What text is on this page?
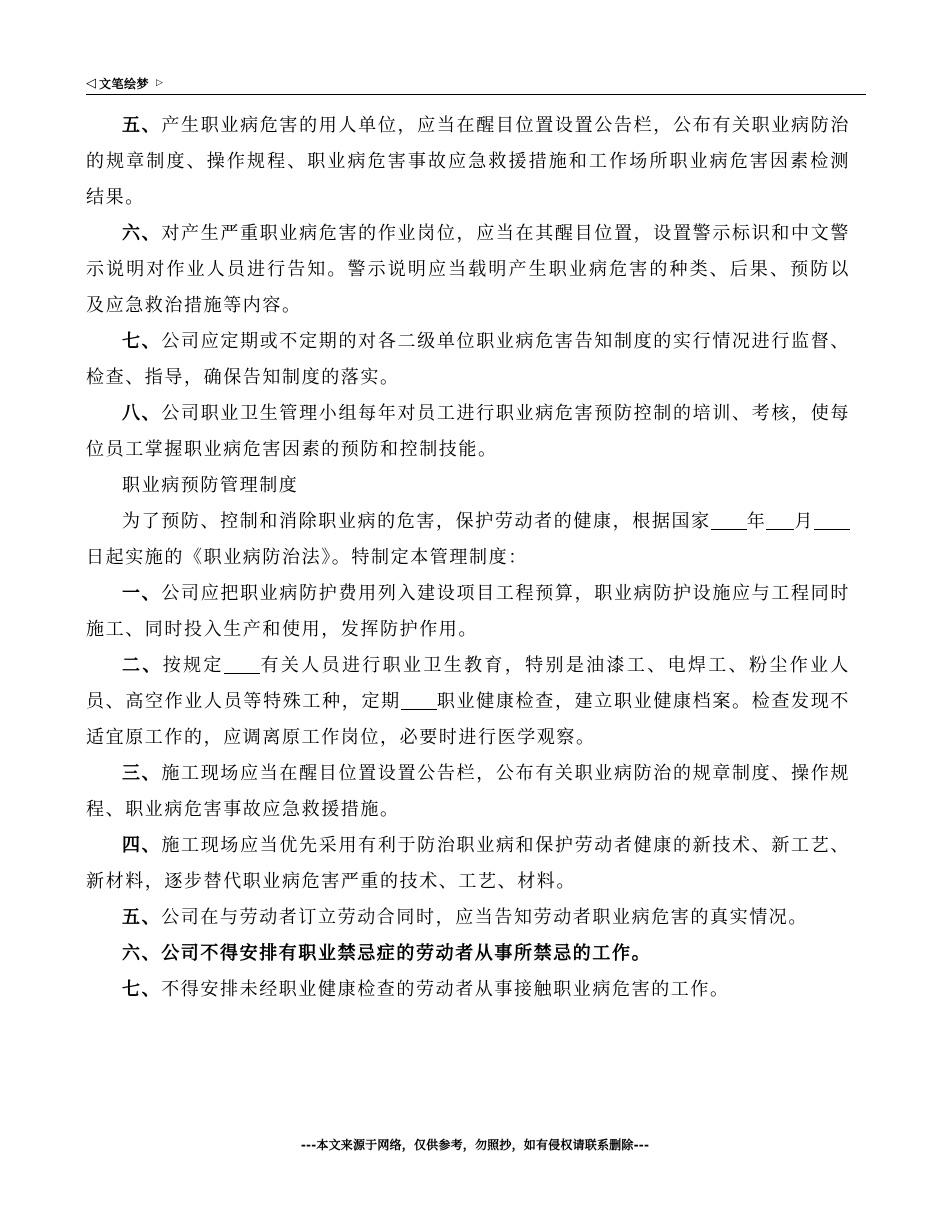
◁ 文笔绘梦 ▷

五、产生职业病危害的用人单位，应当在醒目位置设置公告栏，公布有关职业病防治的规章制度、操作规程、职业病危害事故应急救援措施和工作场所职业病危害因素检测结果。

六、对产生严重职业病危害的作业岗位，应当在其醒目位置，设置警示标识和中文警示说明对作业人员进行告知。警示说明应当载明产生职业病危害的种类、后果、预防以及应急救治措施等内容。

七、公司应定期或不定期的对各二级单位职业病危害告知制度的实行情况进行监督、检查、指导，确保告知制度的落实。

八、公司职业卫生管理小组每年对员工进行职业病危害预防控制的培训、考核，使每位员工掌握职业病危害因素的预防和控制技能。

职业病预防管理制度

为了预防、控制和消除职业病的危害，保护劳动者的健康，根据国家 年 月日起实施的《职业病防治法》。特制定本管理制度：

一、公司应把职业病防护费用列入建设项目工程预算，职业病防护设施应与工程同时施工、同时投入生产和使用，发挥防护作用。

二、按规定 有关人员进行职业卫生教育，特别是油漆工、电焊工、粉尘作业人员、高空作业人员等特殊工种，定期 职业健康检查，建立职业健康档案。检查发现不适宜原工作的，应调离原工作岗位，必要时进行医学观察。

三、施工现场应当在醒目位置设置公告栏，公布有关职业病防治的规章制度、操作规程、职业病危害事故应急救援措施。

四、施工现场应当优先采用有利于防治职业病和保护劳动者健康的新技术、新工艺、新材料，逐步替代职业病危害严重的技术、工艺、材料。

五、公司在与劳动者订立劳动合同时，应当告知劳动者职业病危害的真实情况。

六、公司不得安排有职业禁忌症的劳动者从事所禁忌的工作。

七、不得安排未经职业健康检查的劳动者从事接触职业病危害的工作。

---本文来源于网络，仅供参考，勿照抄，如有侵权请联系删除---
